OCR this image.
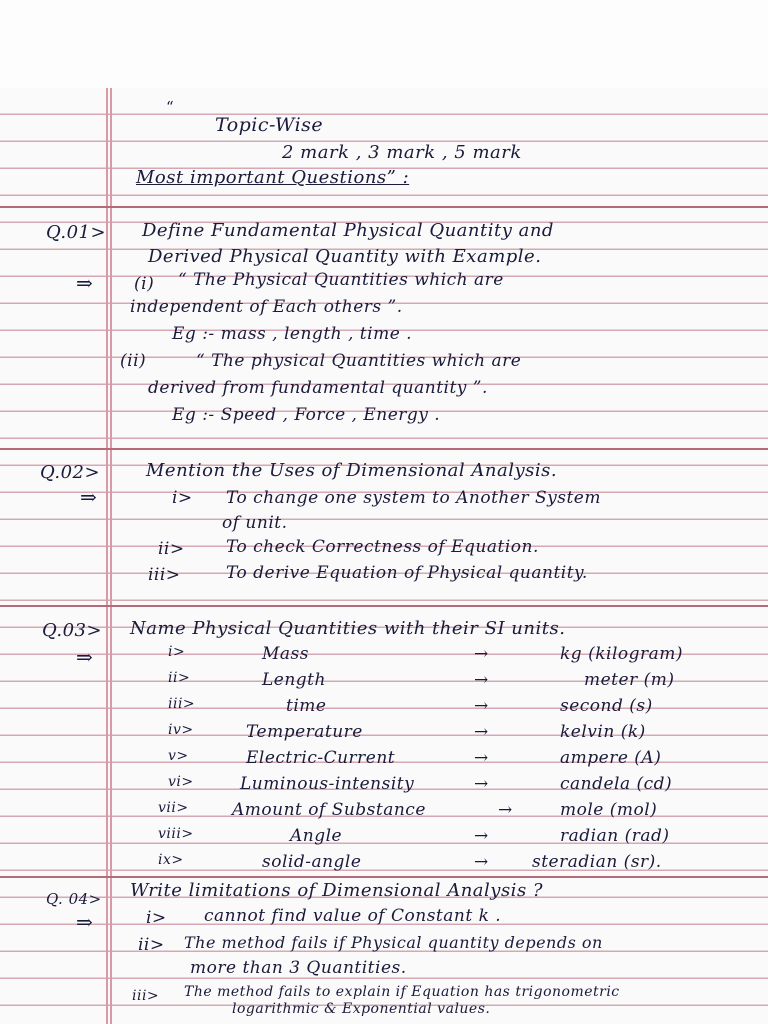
“
Topic-Wise
2 mark , 3 mark , 5 mark
Most important Questions” :
Q.01> Define Fundamental Physical Quantity and
Derived Physical Quantity with Example.
⇒ (i) “ The Physical Quantities which are
independent of Each others ”.
Eg :- mass , length , time .
(ii)	“ The physical Quantities which are
derived from fundamental quantity ”.
Eg :- Speed , Force , Energy .
Q.02>	Mention the Uses of Dimensional Analysis.
⇒	i> To change one system to Another System
of unit.
ii> To check Correctness of Equation.
iii>	To derive Equation of Physical quantity.
Q.03> Name Physical Quantities with their SI units.
⇒	i>	Mass	→	kg (kilogram)
ii>	Length	→	meter (m)
iii>	time	→	second (s)
iv>	Temperature	→	kelvin (k)
v>	Electric-Current	→	ampere (A)
vi>	Luminous-intensity	→	candela (cd)
vii>	Amount of Substance	→	mole (mol)
viii>	Angle	→	radian (rad)
ix>	solid-angle	→	steradian (sr).
Q. 04> Write limitations of Dimensional Analysis ?
⇒	i> cannot find value of Constant k .
ii> The method fails if Physical quantity depends on
more than 3 Quantities.
iii> The method fails to explain if Equation has trigonometric
logarithmic & Exponential values.
